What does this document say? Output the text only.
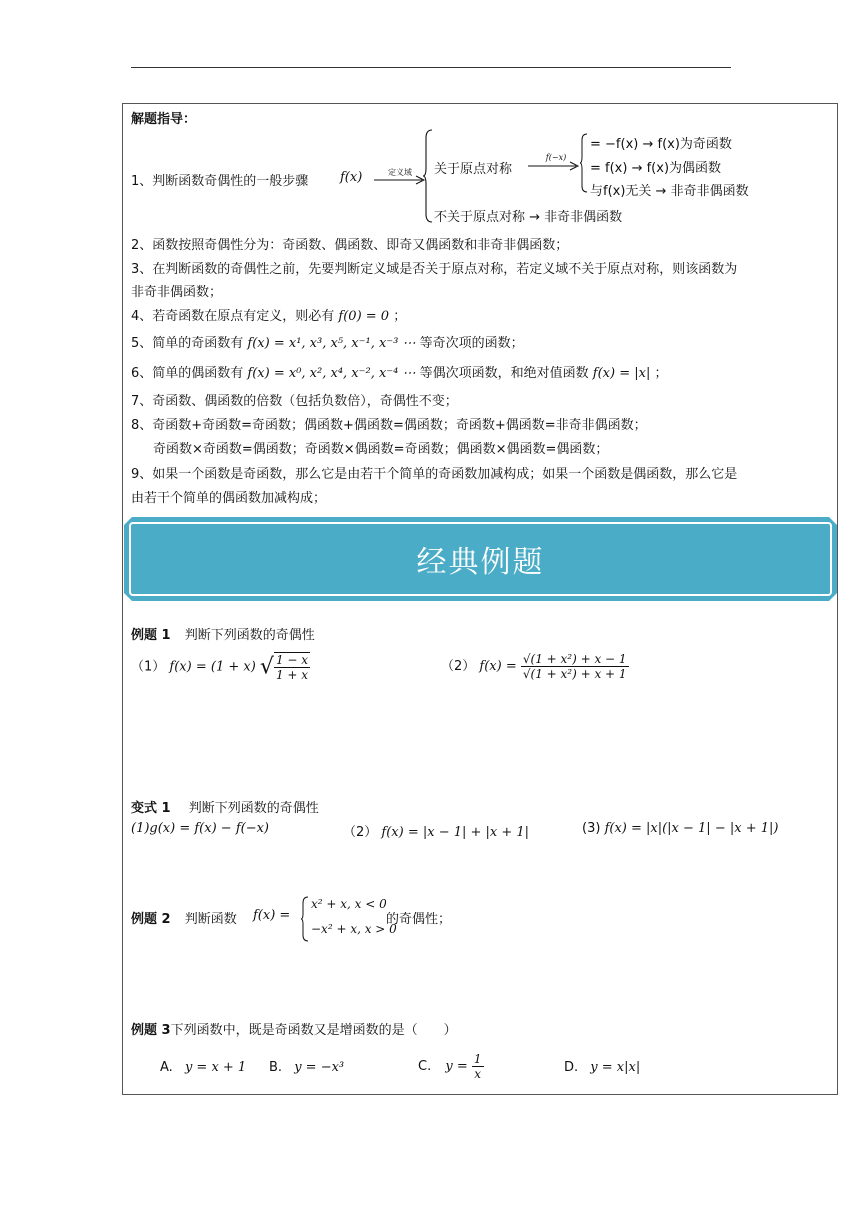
解题指导：
1、判断函数奇偶性的一般步骤 f(x)	定义域	关于原点对称
f(−x)
= −f(x) → f(x)为奇函数
= f(x) → f(x)为偶函数
与f(x)无关 → 非奇非偶函数
不关于原点对称 → 非奇非偶函数
2、函数按照奇偶性分为：奇函数、偶函数、即奇又偶函数和非奇非偶函数；
3、在判断函数的奇偶性之前，先要判断定义域是否关于原点对称，若定义域不关于原点对称，则该函数为
非奇非偶函数；
4、若奇函数在原点有定义，则必有 f(0) = 0 ；
5、简单的奇函数有 f(x) = x¹, x³, x⁵, x⁻¹, x⁻³ ⋯ 等奇次项的函数；
6、简单的偶函数有 f(x) = x⁰, x², x⁴, x⁻², x⁻⁴ ⋯ 等偶次项函数，和绝对值函数 f(x) = |x| ；
7、奇函数、偶函数的倍数（包括负数倍），奇偶性不变；
8、奇函数+奇函数=奇函数；偶函数+偶函数=偶函数；奇函数+偶函数=非奇非偶函数；
奇函数×奇函数=偶函数；奇函数×偶函数=奇函数；偶函数×偶函数=偶函数；
9、如果一个函数是奇函数，那么它是由若干个简单的奇函数加减构成；如果一个函数是偶函数，那么它是
由若干个简单的偶函数加减构成；
经典例题
例题 1 判断下列函数的奇偶性
（1） f(x) = (1 + x) √ $\frac{1 - x}{1 + x}$	（2） $f(x) = \frac{\text{√(1 + x²) + x − 1}}{\text{√(1 + x²) + x + 1}}$
变式 1 判断下列函数的奇偶性
(1)g(x) = f(x) − f(−x)	（2） f(x) = |x − 1| + |x + 1|	(3) f(x) = |x|(|x − 1| − |x + 1|)
例题 2 判断函数 f(x) =
x² + x, x < 0
−x² + x, x > 0
的奇偶性；
例题 3下列函数中，既是奇函数又是增函数的是（　　）
A. y = x + 1 B. y = −x³	C. $y = \frac{1}{x}$	D. y = x|x|
